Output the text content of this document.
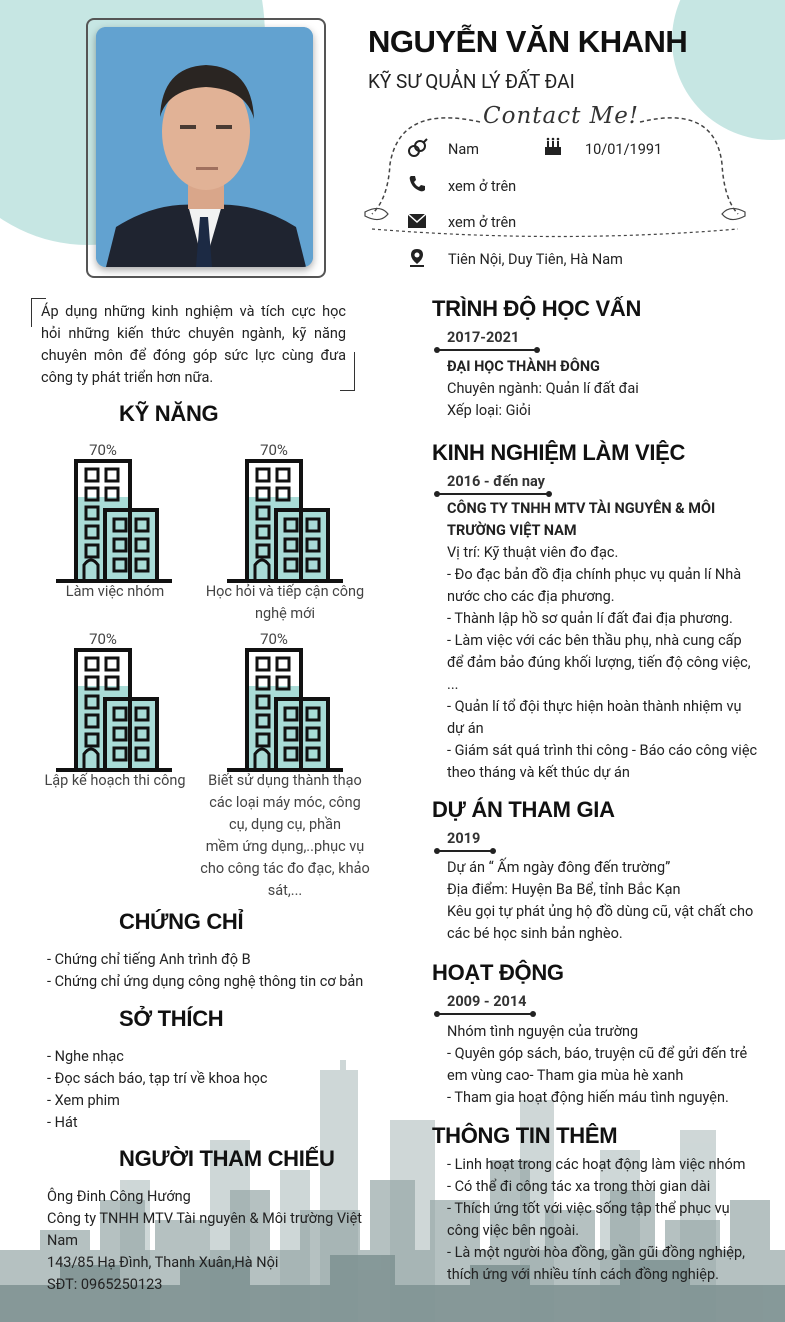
NGUYỄN VĂN KHANH
KỸ SƯ QUẢN LÝ ĐẤT ĐAI
Contact Me!
Nam	10/01/1991
xem ở trên
xem ở trên
Tiên Nội, Duy Tiên, Hà Nam
Áp dụng những kinh nghiệm và tích cực học
hỏi những kiến thức chuyên ngành, kỹ năng
chuyên môn để đóng góp sức lực cùng đưa
công ty phát triển hơn nữa.
KỸ NĂNG
70%
Làm việc nhóm
70%
Học hỏi và tiếp cận công
nghệ mới
70%
Lập kế hoạch thi công
70%
Biết sử dụng thành thạo
các loại máy móc, công
cụ, dụng cụ, phần
mềm ứng dụng,..phục vụ
cho công tác đo đạc, khảo
sát,...
CHỨNG CHỈ
- Chứng chỉ tiếng Anh trình độ B
- Chứng chỉ ứng dụng công nghệ thông tin cơ bản
SỞ THÍCH
- Nghe nhạc
- Đọc sách báo, tạp trí về khoa học
- Xem phim
- Hát
NGƯỜI THAM CHIẾU
Ông Đinh Công Hướng
Công ty TNHH MTV Tài nguyên & Môi trường Việt
Nam
143/85 Hạ Đình, Thanh Xuân,Hà Nội
SĐT: 0965250123
TRÌNH ĐỘ HỌC VẤN
2017-2021
ĐẠI HỌC THÀNH ĐÔNG
Chuyên ngành: Quản lí đất đai
Xếp loại: Giỏi
KINH NGHIỆM LÀM VIỆC
2016 - đến nay
CÔNG TY TNHH MTV TÀI NGUYÊN & MÔI
TRƯỜNG VIỆT NAM
Vị trí: Kỹ thuật viên đo đạc.
- Đo đạc bản đồ địa chính phục vụ quản lí Nhà
nước cho các địa phương.
- Thành lập hồ sơ quản lí đất đai địa phương.
- Làm việc với các bên thầu phụ, nhà cung cấp
để đảm bảo đúng khối lượng, tiến độ công việc,
...
- Quản lí tổ đội thực hiện hoàn thành nhiệm vụ
dự án
- Giám sát quá trình thi công - Báo cáo công việc
theo tháng và kết thúc dự án
DỰ ÁN THAM GIA
2019
Dự án “ Ấm ngày đông đến trường”
Địa điểm: Huyện Ba Bể, tỉnh Bắc Kạn
Kêu gọi tự phát ủng hộ đồ dùng cũ, vật chất cho
các bé học sinh bản nghèo.
HOẠT ĐỘNG
2009 - 2014
Nhóm tình nguyện của trường
- Quyên góp sách, báo, truyện cũ để gửi đến trẻ
em vùng cao- Tham gia mùa hè xanh
- Tham gia hoạt động hiến máu tình nguyện.
THÔNG TIN THÊM
- Linh hoạt trong các hoạt động làm việc nhóm
- Có thể đi công tác xa trong thời gian dài
- Thích ứng tốt với việc sống tập thể phục vụ
công việc bên ngoài.
- Là một người hòa đồng, gần gũi đồng nghiệp,
thích ứng với nhiều tính cách đồng nghiệp.
